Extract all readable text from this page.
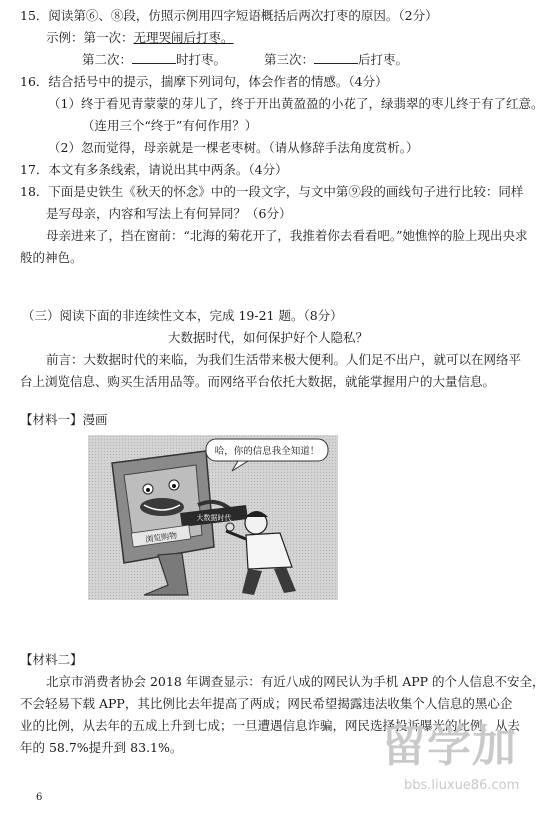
15．阅读第⑥、⑧段，仿照示例用四字短语概括后两次打枣的原因。（2分）
示例：第一次：无理哭闹后打枣。
第二次：	时打枣。	第三次：	后打枣。
16．结合括号中的提示，揣摩下列词句，体会作者的情感。（4分）
（1）终于看见青蒙蒙的芽儿了，终于开出黄盈盈的小花了，绿翡翠的枣儿终于有了红意。
（连用三个“终于”有何作用？）
（2）忽而觉得，母亲就是一棵老枣树。（请从修辞手法角度赏析。）
17．本文有多条线索，请说出其中两条。（4分）
18．下面是史铁生《秋天的怀念》中的一段文字，与文中第⑨段的画线句子进行比较：同样
是写母亲，内容和写法上有何异同？（6分）
母亲进来了，挡在窗前：“北海的菊花开了，我推着你去看看吧。”她憔悴的脸上现出央求
般的神色。
（三）阅读下面的非连续性文本，完成 19-21 题。（8分）
大数据时代，如何保护好个人隐私？
前言：大数据时代的来临，为我们生活带来极大便利。人们足不出户，就可以在网络平
台上浏览信息、购买生活用品等。而网络平台依托大数据，就能掌握用户的大量信息。
【材料一】漫画
哈，你的信息我全知道！
大数据时代
浏览购物
【材料二】
北京市消费者协会 2018 年调查显示：有近八成的网民认为手机 APP 的个人信息不安全，
不会轻易下载 APP，其比例比去年提高了两成；网民希望揭露违法收集个人信息的黑心企
业的比例，从去年的五成上升到七成；一旦遭遇信息诈骗，网民选择投诉曝光的比例，从去
年的 58.7%提升到 83.1%。
6
留学加
bbs.liuxue86.com
